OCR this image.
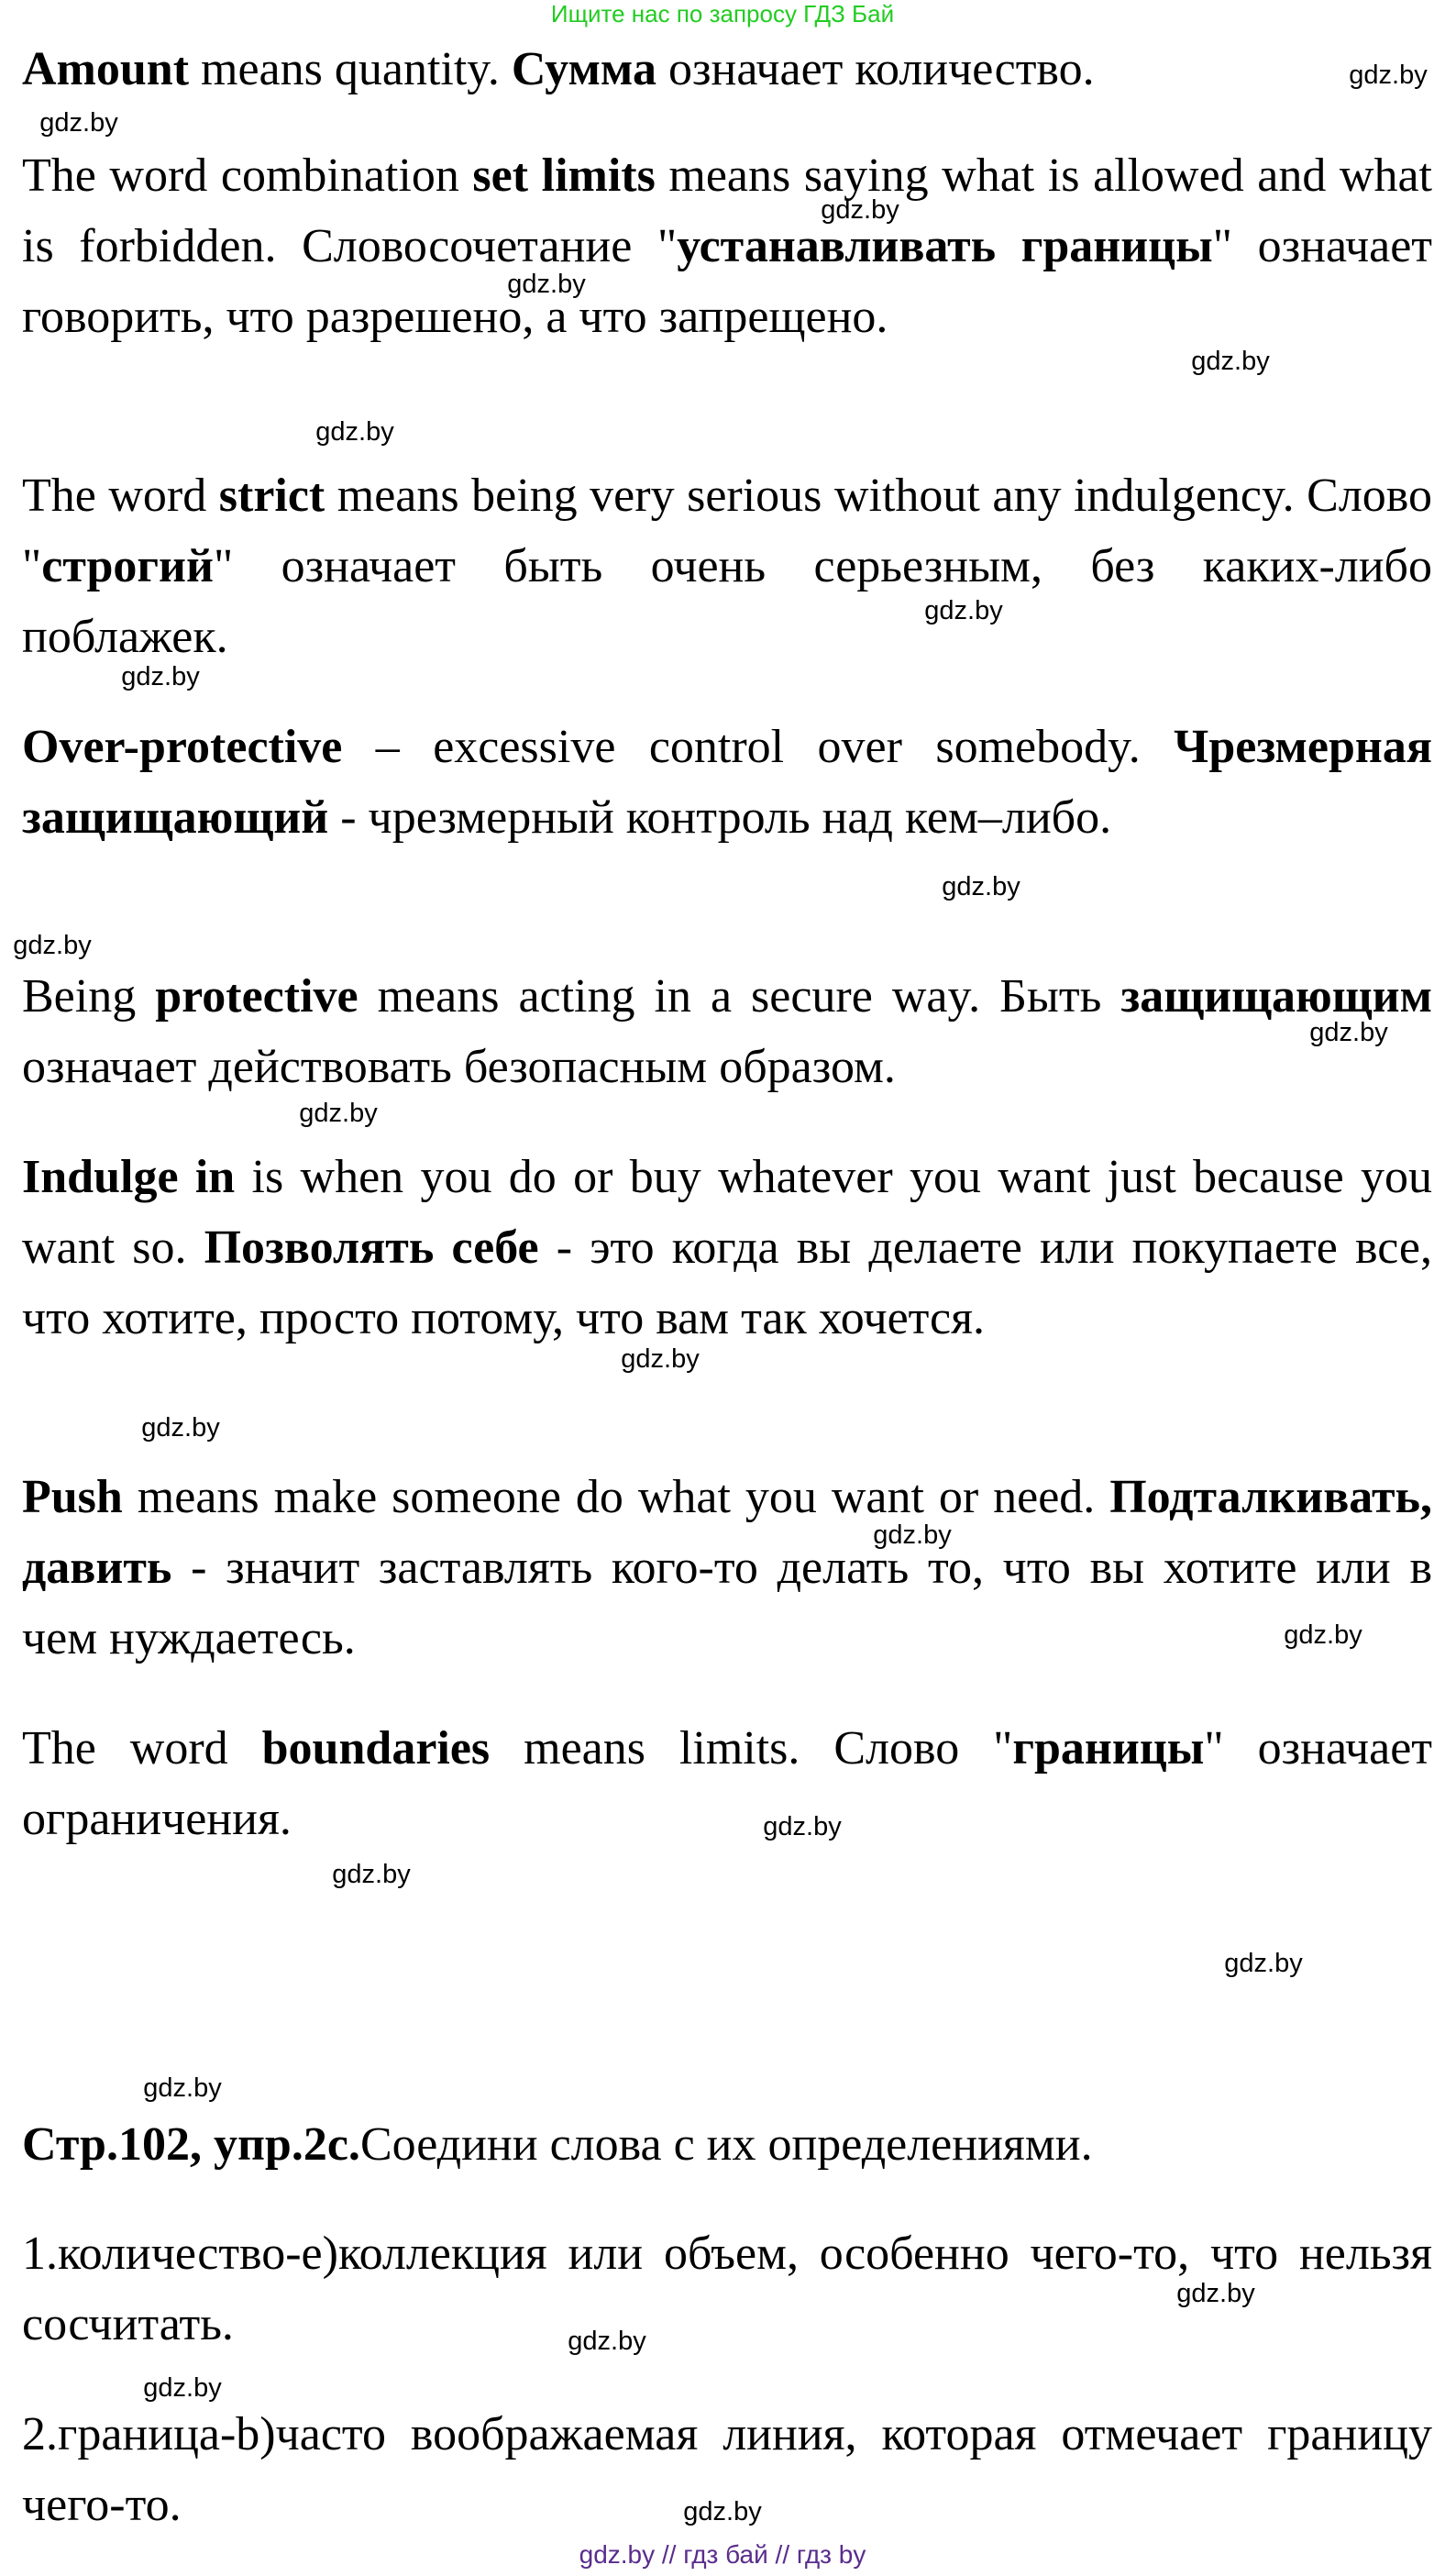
Ищите нас по запросу ГДЗ Бай
Amount means quantity. Сумма означает количество.
The word combination set limits means saying what is allowed and what is forbidden. Словосочетание "устанавливать границы" означает говорить, что разрешено, а что запрещено.
The word strict means being very serious without any indulgency. Слово "строгий" означает быть очень серьезным, без каких-либо поблажек.
Over-protective – excessive control over somebody. Чрезмерная защищающий - чрезмерный контроль над кем–либо.
Being protective means acting in a secure way. Быть защищающим означает действовать безопасным образом.
Indulge in is when you do or buy whatever you want just because you want so. Позволять себе - это когда вы делаете или покупаете все, что хотите, просто потому, что вам так хочется.
Push means make someone do what you want or need. Подталкивать, давить - значит заставлять кого-то делать то, что вы хотите или в чем нуждаетесь.
The word boundaries means limits. Слово "границы" означает ограничения.
Стр.102, упр.2с.Соедини слова с их определениями.
1.количество-е)коллекция или объем, особенно чего-то, что нельзя сосчитать.
2.граница-b)часто воображаемая линия, которая отмечает границу чего-то.
gdz.by
gdz.by
gdz.by
gdz.by
gdz.by
gdz.by
gdz.by
gdz.by
gdz.by
gdz.by
gdz.by
gdz.by
gdz.by
gdz.by
gdz.by
gdz.by
gdz.by
gdz.by
gdz.by
gdz.by
gdz.by
gdz.by
gdz.by
gdz.by
gdz.by // гдз бай // гдз by
